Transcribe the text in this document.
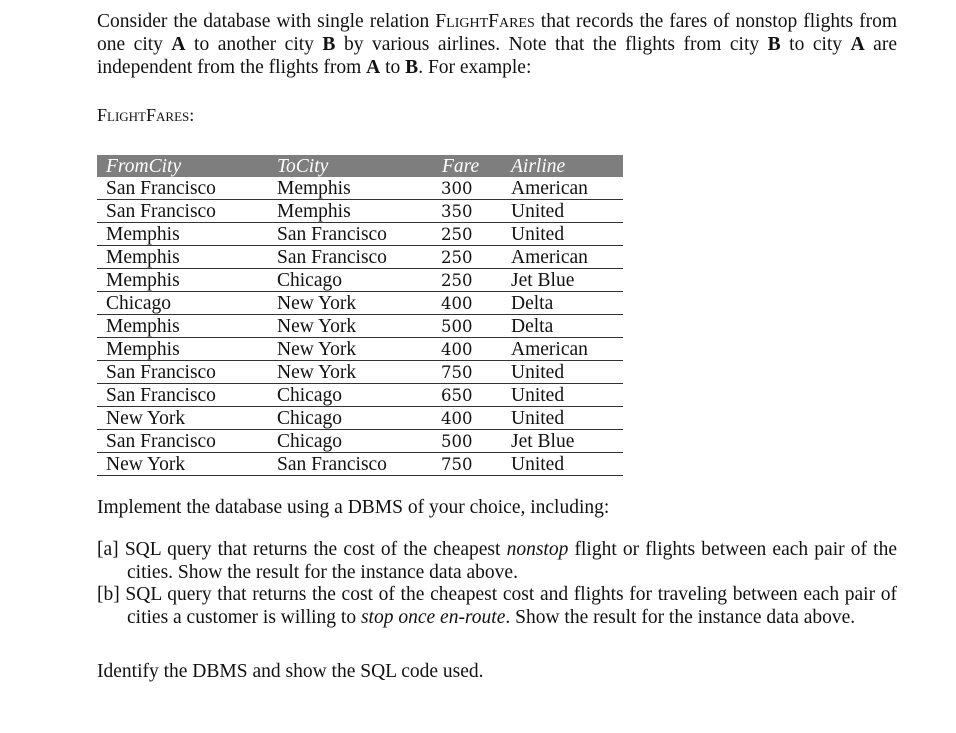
Consider the database with single relation FlightFares that records the fares of nonstop flights from one city A to another city B by various airlines. Note that the flights from city B to city A are independent from the flights from A to B. For example:

FlightFares:

FromCity	ToCity	Fare	Airline
San Francisco	Memphis	300	American
San Francisco	Memphis	350	United
Memphis	San Francisco	250	United
Memphis	San Francisco	250	American
Memphis	Chicago	250	Jet Blue
Chicago	New York	400	Delta
Memphis	New York	500	Delta
Memphis	New York	400	American
San Francisco	New York	750	United
San Francisco	Chicago	650	United
New York	Chicago	400	United
San Francisco	Chicago	500	Jet Blue
New York	San Francisco	750	United

Implement the database using a DBMS of your choice, including:

[a] SQL query that returns the cost of the cheapest nonstop flight or flights between each pair of the cities. Show the result for the instance data above.
[b] SQL query that returns the cost of the cheapest cost and flights for traveling between each pair of cities a customer is willing to stop once en-route. Show the result for the instance data above.

Identify the DBMS and show the SQL code used.
